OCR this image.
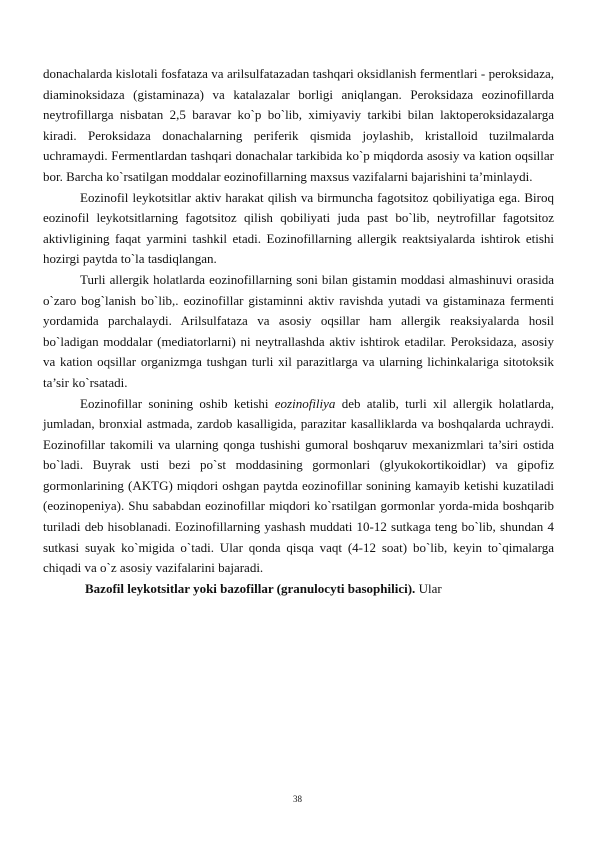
donachalarda kislotali fosfataza va arilsulfatazadan tashqari oksidlanish fermentlari - peroksidaza, diaminoksidaza (gistaminaza) va katalazalar borligi aniqlangan. Peroksidaza eozinofillarda neytrofillarga nisbatan 2,5 baravar ko`p bo`lib, ximiyaviy tarkibi bilan laktoperoksidazalarga kiradi. Peroksidaza donachalarning periferik qismida joylashib, kristalloid tuzilmalarda uchramaydi. Fermentlardan tashqari donachalar tarkibida ko`p miqdorda asosiy va kation oqsillar bor. Barcha ko`rsatilgan moddalar eozinofillarning maxsus vazifalarni bajarishini ta’minlaydi.

Eozinofil leykotsitlar aktiv harakat qilish va birmuncha fagotsitoz qobiliyatiga ega. Biroq eozinofil leykotsitlarning fagotsitoz qilish qobiliyati juda past bo`lib, neytrofillar fagotsitoz aktivligining faqat yarmini tashkil etadi. Eozinofillarning allergik reaktsiyalarda ishtirok etishi hozirgi paytda to`la tasdiqlangan.

Turli allergik holatlarda eozinofillarning soni bilan gistamin moddasi almashinuvi orasida o`zaro bog`lanish bo`lib,. eozinofillar gistaminni aktiv ravishda yutadi va gistaminaza fermenti yordamida parchalaydi. Arilsulfataza va asosiy oqsillar ham allergik reaksiyalarda hosil bo`ladigan moddalar (mediatorlarni) ni neytrallashda aktiv ishtirok etadilar. Peroksidaza, asosiy va kation oqsillar organizmga tushgan turli xil parazitlarga va ularning lichinkalariga sitotoksik ta’sir ko`rsatadi.

Eozinofillar sonining oshib ketishi eozinofiliya deb atalib, turli xil allergik holatlarda, jumladan, bronxial astmada, zardob kasalligida, parazitar kasalliklarda va boshqalarda uchraydi. Eozinofillar takomili va ularning qonga tushishi gumoral boshqaruv mexanizmlari ta’siri ostida bo`ladi. Buyrak usti bezi po`st moddasining gormonlari (glyukokortikoidlar) va gipofiz gormonlarining (AKTG) miqdori oshgan paytda eozinofillar sonining kamayib ketishi kuzatiladi (eozinopeniya). Shu sababdan eozinofillar miqdori ko`rsatilgan gormonlar yorda-mida boshqarib turiladi deb hisoblanadi. Eozinofillarning yashash muddati 10-12 sutkaga teng bo`lib, shundan 4 sutkasi suyak ko`migida o`tadi. Ular qonda qisqa vaqt (4-12 soat) bo`lib, keyin to`qimalarga chiqadi va o`z asosiy vazifalarini bajaradi.

Bazofil leykotsitlar yoki bazofillar (granulocyti basophilici). Ular

38
